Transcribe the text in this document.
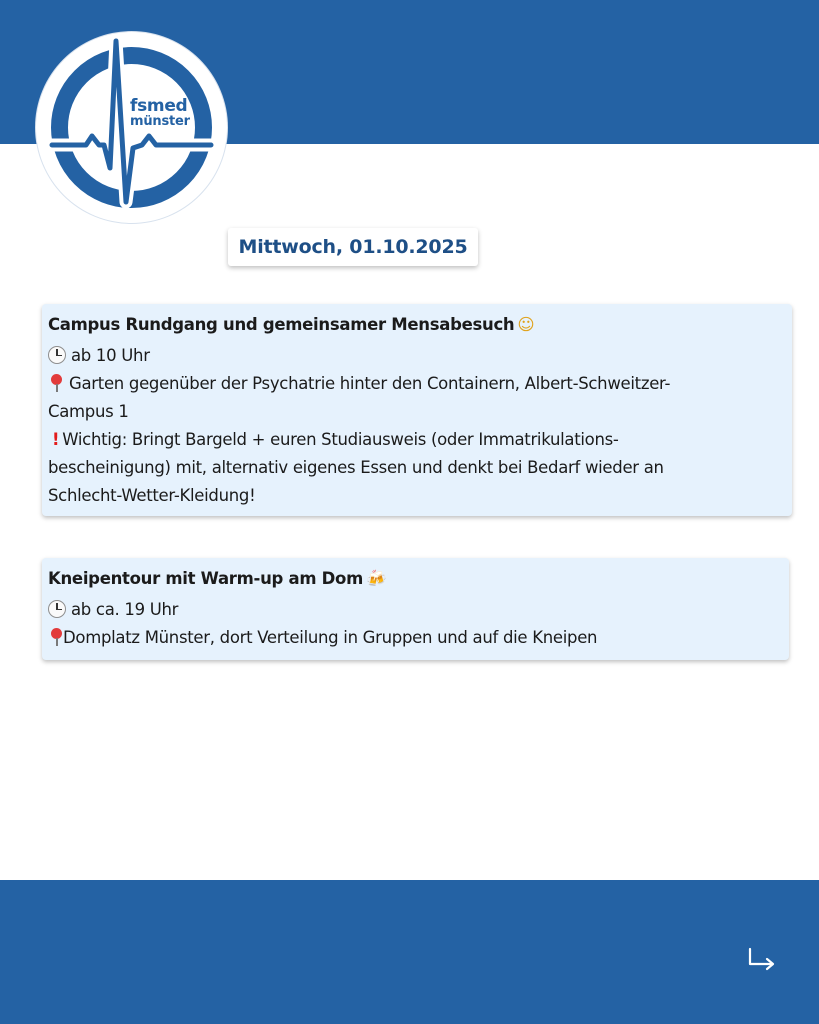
fsmed
münster
Mittwoch, 01.10.2025
Campus Rundgang und gemeinsamer Mensabesuch ☺
ab 10 Uhr
Garten gegenüber der Psychatrie hinter den Containern, Albert-Schweitzer-
Campus 1
! Wichtig: Bringt Bargeld + euren Studiausweis (oder Immatrikulations-
bescheinigung) mit, alternativ eigenes Essen und denkt bei Bedarf wieder an
Schlecht-Wetter-Kleidung!
Kneipentour mit Warm-up am Dom 🍻
ab ca. 19 Uhr
Domplatz Münster, dort Verteilung in Gruppen und auf die Kneipen
